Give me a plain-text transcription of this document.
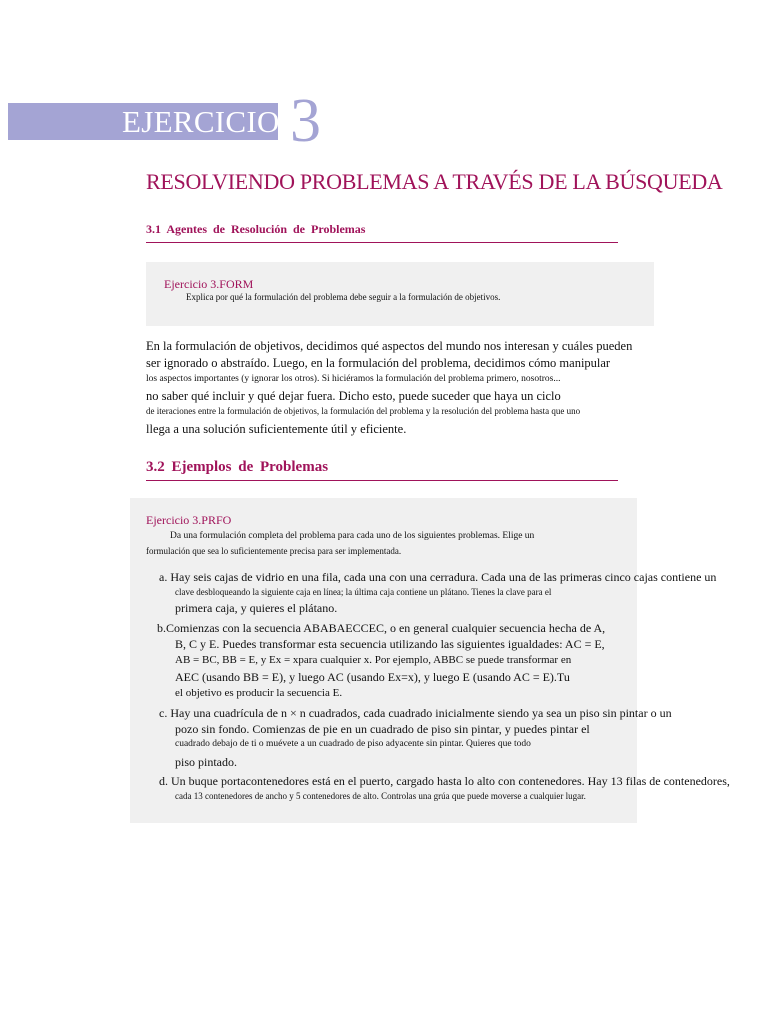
EJERCICIO 3
RESOLVIENDO PROBLEMAS A TRAVÉS DE LA BÚSQUEDA
3.1 Agentes de Resolución de Problemas
Ejercicio 3.FORM
Explica por qué la formulación del problema debe seguir a la formulación de objetivos.
En la formulación de objetivos, decidimos qué aspectos del mundo nos interesan y cuáles pueden
ser ignorado o abstraído. Luego, en la formulación del problema, decidimos cómo manipular
los aspectos importantes (y ignorar los otros). Si hiciéramos la formulación del problema primero, nosotros...
no saber qué incluir y qué dejar fuera. Dicho esto, puede suceder que haya un ciclo
de iteraciones entre la formulación de objetivos, la formulación del problema y la resolución del problema hasta que uno
llega a una solución suficientemente útil y eficiente.
3.2 Ejemplos de Problemas
Ejercicio 3.PRFO
Da una formulación completa del problema para cada uno de los siguientes problemas. Elige un
formulación que sea lo suficientemente precisa para ser implementada.
a. Hay seis cajas de vidrio en una fila, cada una con una cerradura. Cada una de las primeras cinco cajas contiene un
clave desbloqueando la siguiente caja en línea; la última caja contiene un plátano. Tienes la clave para el
primera caja, y quieres el plátano.
b.Comienzas con la secuencia ABABAECCEC, o en general cualquier secuencia hecha de A,
B, C y E. Puedes transformar esta secuencia utilizando las siguientes igualdades: AC = E,
AB = BC, BB = E, y Ex = xpara cualquier x. Por ejemplo, ABBC se puede transformar en
AEC (usando BB = E), y luego AC (usando Ex=x), y luego E (usando AC = E).Tu
el objetivo es producir la secuencia E.
c. Hay una cuadrícula de n × n cuadrados, cada cuadrado inicialmente siendo ya sea un piso sin pintar o un
pozo sin fondo. Comienzas de pie en un cuadrado de piso sin pintar, y puedes pintar el
cuadrado debajo de ti o muévete a un cuadrado de piso adyacente sin pintar. Quieres que todo
piso pintado.
d. Un buque portacontenedores está en el puerto, cargado hasta lo alto con contenedores. Hay 13 filas de contenedores,
cada 13 contenedores de ancho y 5 contenedores de alto. Controlas una grúa que puede moverse a cualquier lugar.
